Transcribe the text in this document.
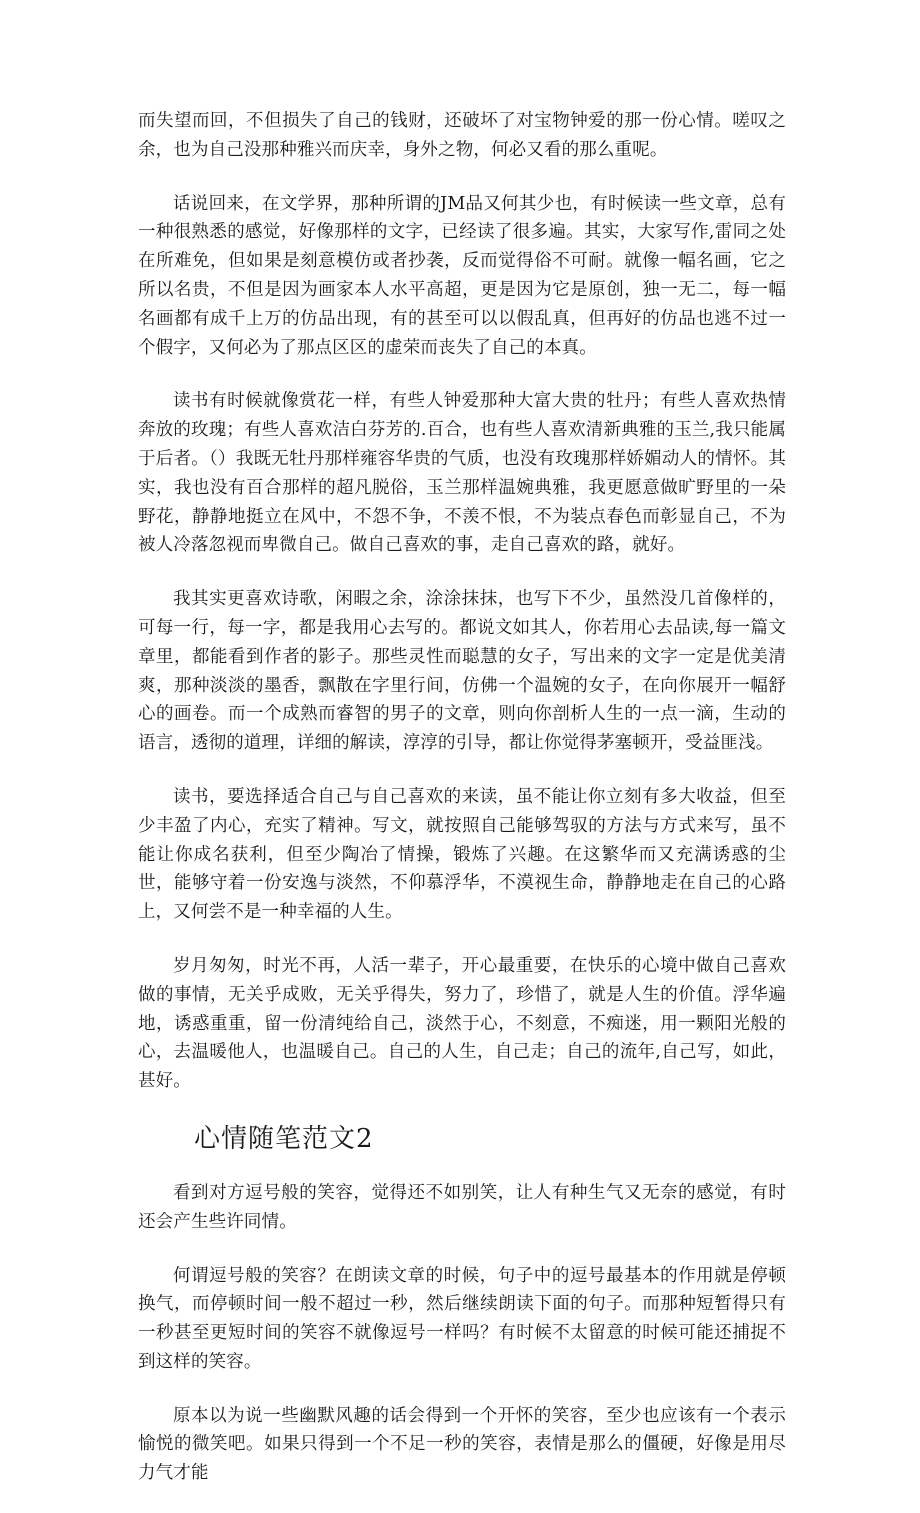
而失望而回，不但损失了自己的钱财，还破坏了对宝物钟爱的那一份心情。嗟叹之余，也为自己没那种雅兴而庆幸，身外之物，何必又看的那么重呢。

话说回来，在文学界，那种所谓的JM品又何其少也，有时候读一些文章，总有一种很熟悉的感觉，好像那样的文字，已经读了很多遍。其实，大家写作,雷同之处在所难免，但如果是刻意模仿或者抄袭，反而觉得俗不可耐。就像一幅名画，它之所以名贵，不但是因为画家本人水平高超，更是因为它是原创，独一无二，每一幅名画都有成千上万的仿品出现，有的甚至可以以假乱真，但再好的仿品也逃不过一个假字，又何必为了那点区区的虚荣而丧失了自己的本真。

读书有时候就像赏花一样，有些人钟爱那种大富大贵的牡丹；有些人喜欢热情奔放的玫瑰；有些人喜欢洁白芬芳的.百合，也有些人喜欢清新典雅的玉兰,我只能属于后者。（）我既无牡丹那样雍容华贵的气质，也没有玫瑰那样娇媚动人的情怀。其实，我也没有百合那样的超凡脱俗，玉兰那样温婉典雅，我更愿意做旷野里的一朵野花，静静地挺立在风中，不怨不争，不羡不恨，不为装点春色而彰显自己，不为被人冷落忽视而卑微自己。做自己喜欢的事，走自己喜欢的路，就好。

我其实更喜欢诗歌，闲暇之余，涂涂抹抹，也写下不少，虽然没几首像样的，可每一行，每一字，都是我用心去写的。都说文如其人，你若用心去品读,每一篇文章里，都能看到作者的影子。那些灵性而聪慧的女子，写出来的文字一定是优美清爽，那种淡淡的墨香，飘散在字里行间，仿佛一个温婉的女子，在向你展开一幅舒心的画卷。而一个成熟而睿智的男子的文章，则向你剖析人生的一点一滴，生动的语言，透彻的道理，详细的解读，淳淳的引导，都让你觉得茅塞顿开，受益匪浅。

读书，要选择适合自己与自己喜欢的来读，虽不能让你立刻有多大收益，但至少丰盈了内心，充实了精神。写文，就按照自己能够驾驭的方法与方式来写，虽不能让你成名获利，但至少陶冶了情操，锻炼了兴趣。在这繁华而又充满诱惑的尘世，能够守着一份安逸与淡然，不仰慕浮华，不漠视生命，静静地走在自己的心路上，又何尝不是一种幸福的人生。

岁月匆匆，时光不再，人活一辈子，开心最重要，在快乐的心境中做自己喜欢做的事情，无关乎成败，无关乎得失，努力了，珍惜了，就是人生的价值。浮华遍地，诱惑重重，留一份清纯给自己，淡然于心，不刻意，不痴迷，用一颗阳光般的心，去温暖他人，也温暖自己。自己的人生，自己走；自己的流年,自己写，如此，甚好。

心情随笔范文2

看到对方逗号般的笑容，觉得还不如别笑，让人有种生气又无奈的感觉，有时还会产生些许同情。

何谓逗号般的笑容？在朗读文章的时候，句子中的逗号最基本的作用就是停顿换气，而停顿时间一般不超过一秒，然后继续朗读下面的句子。而那种短暂得只有一秒甚至更短时间的笑容不就像逗号一样吗？有时候不太留意的时候可能还捕捉不到这样的笑容。

原本以为说一些幽默风趣的话会得到一个开怀的笑容，至少也应该有一个表示愉悦的微笑吧。如果只得到一个不足一秒的笑容，表情是那么的僵硬，好像是用尽力气才能
